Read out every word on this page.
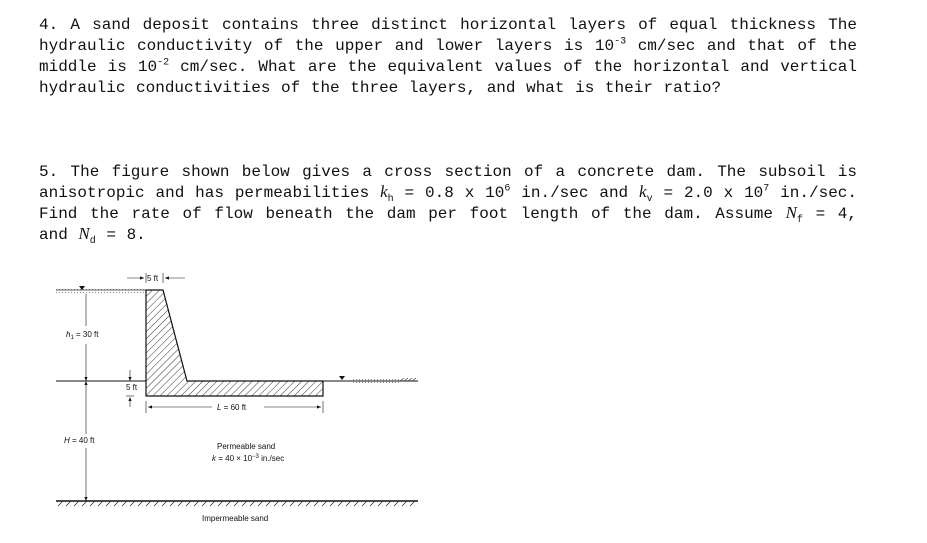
4. A sand deposit contains three distinct horizontal layers of equal thickness The hydraulic conductivity of the upper and lower layers is $10^{-3}$ cm/sec and that of the middle is $10^{-2}$ cm/sec. What are the equivalent values of the horizontal and vertical hydraulic conductivities of the three layers, and what is their ratio?
5. The figure shown below gives a cross section of a concrete dam. The subsoil is anisotropic and has permeabilities $k_h = 0.8$ x $10^6$ in./sec and $k_v = 2.0$ x $10^7$ in./sec. Find the rate of flow beneath the dam per foot length of the dam. Assume $N_f = 4$, and $N_d = 8$.
5 ft
$h_1 = 30$ ft
5 ft
L = 60 ft
H = 40 ft
Permeable sand
$k = 40 \times 10^{-3}$ in./sec
Impermeable sand
